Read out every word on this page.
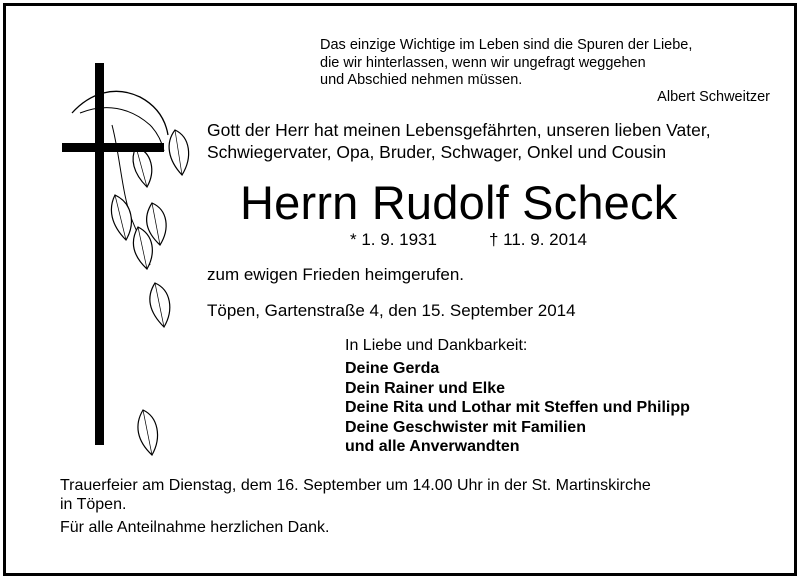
Das einzige Wichtige im Leben sind die Spuren der Liebe,
die wir hinterlassen, wenn wir ungefragt weggehen
und Abschied nehmen müssen.
Albert Schweitzer
Gott der Herr hat meinen Lebensgefährten, unseren lieben Vater,
Schwiegervater, Opa, Bruder, Schwager, Onkel und Cousin
Herrn Rudolf Scheck
* 1. 9. 1931	† 11. 9. 2014
zum ewigen Frieden heimgerufen.
Töpen, Gartenstraße 4, den 15. September 2014
In Liebe und Dankbarkeit:
Deine Gerda
Dein Rainer und Elke
Deine Rita und Lothar mit Steffen und Philipp
Deine Geschwister mit Familien
und alle Anverwandten
Trauerfeier am Dienstag, dem 16. September um 14.00 Uhr in der St. Martinskirche
in Töpen.
Für alle Anteilnahme herzlichen Dank.
